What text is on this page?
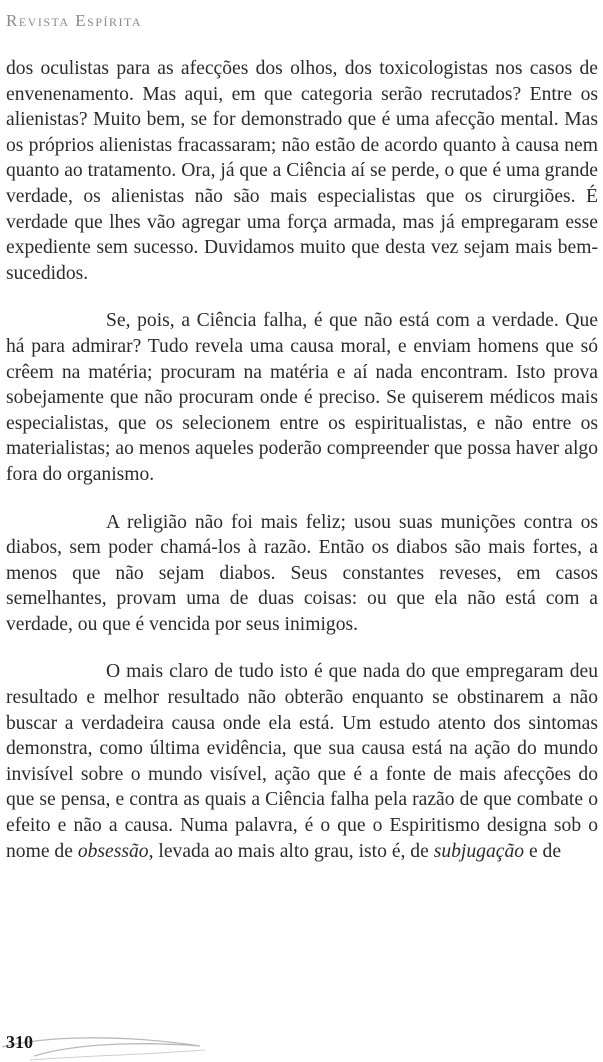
Revista Espírita

dos oculistas para as afecções dos olhos, dos toxicologistas nos casos de envenenamento. Mas aqui, em que categoria serão recrutados? Entre os alienistas? Muito bem, se for demonstrado que é uma afecção mental. Mas os próprios alienistas fracassaram; não estão de acordo quanto à causa nem quanto ao tratamento. Ora, já que a Ciência aí se perde, o que é uma grande verdade, os alienistas não são mais especialistas que os cirurgiões. É verdade que lhes vão agregar uma força armada, mas já empregaram esse expediente sem sucesso. Duvidamos muito que desta vez sejam mais bem-sucedidos.

Se, pois, a Ciência falha, é que não está com a verdade. Que há para admirar? Tudo revela uma causa moral, e enviam homens que só crêem na matéria; procuram na matéria e aí nada encontram. Isto prova sobejamente que não procuram onde é preciso. Se quiserem médicos mais especialistas, que os selecionem entre os espiritualistas, e não entre os materialistas; ao menos aqueles poderão compreender que possa haver algo fora do organismo.

A religião não foi mais feliz; usou suas munições contra os diabos, sem poder chamá-los à razão. Então os diabos são mais fortes, a menos que não sejam diabos. Seus constantes reveses, em casos semelhantes, provam uma de duas coisas: ou que ela não está com a verdade, ou que é vencida por seus inimigos.

O mais claro de tudo isto é que nada do que empregaram deu resultado e melhor resultado não obterão enquanto se obstinarem a não buscar a verdadeira causa onde ela está. Um estudo atento dos sintomas demonstra, como última evidência, que sua causa está na ação do mundo invisível sobre o mundo visível, ação que é a fonte de mais afecções do que se pensa, e contra as quais a Ciência falha pela razão de que combate o efeito e não a causa. Numa palavra, é o que o Espiritismo designa sob o nome de obsessão, levada ao mais alto grau, isto é, de subjugação e de

310
